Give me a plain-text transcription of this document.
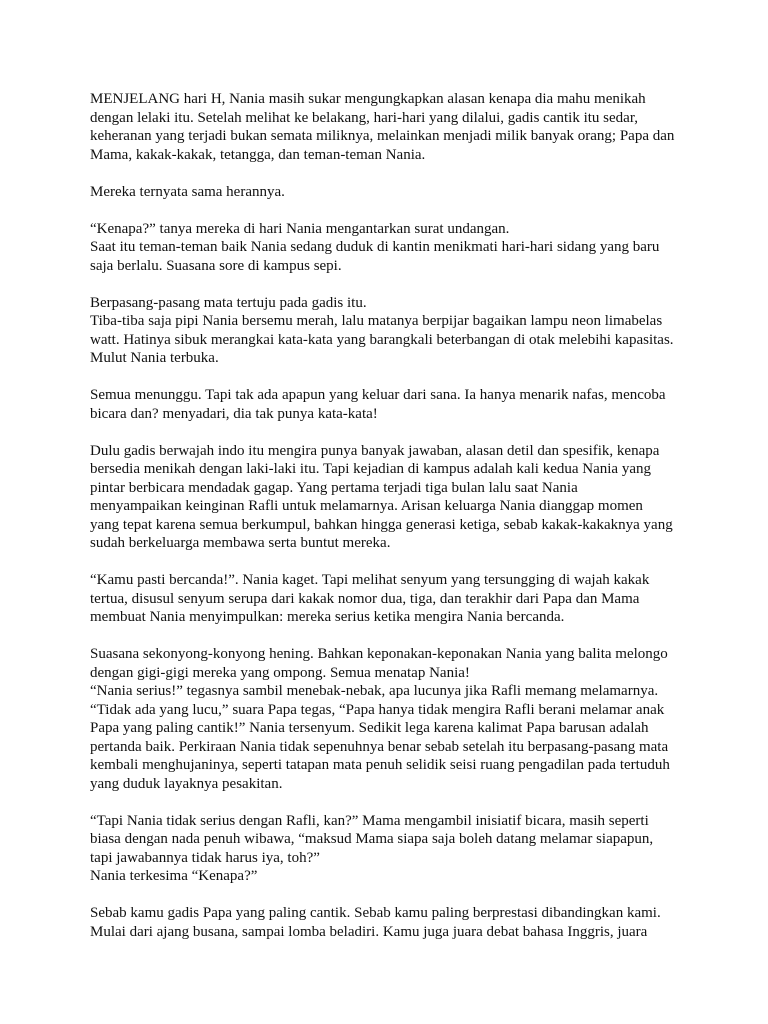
MENJELANG hari H, Nania masih sukar mengungkapkan alasan kenapa dia mahu menikah
dengan lelaki itu. Setelah melihat ke belakang, hari-hari yang dilalui, gadis cantik itu sedar,
keheranan yang terjadi bukan semata miliknya, melainkan menjadi milik banyak orang; Papa dan
Mama, kakak-kakak, tetangga, dan teman-teman Nania.
Mereka ternyata sama herannya.
“Kenapa?” tanya mereka di hari Nania mengantarkan surat undangan.
Saat itu teman-teman baik Nania sedang duduk di kantin menikmati hari-hari sidang yang baru
saja berlalu. Suasana sore di kampus sepi.
Berpasang-pasang mata tertuju pada gadis itu.
Tiba-tiba saja pipi Nania bersemu merah, lalu matanya berpijar bagaikan lampu neon limabelas
watt. Hatinya sibuk merangkai kata-kata yang barangkali beterbangan di otak melebihi kapasitas.
Mulut Nania terbuka.
Semua menunggu. Tapi tak ada apapun yang keluar dari sana. Ia hanya menarik nafas, mencoba
bicara dan? menyadari, dia tak punya kata-kata!
Dulu gadis berwajah indo itu mengira punya banyak jawaban, alasan detil dan spesifik, kenapa
bersedia menikah dengan laki-laki itu. Tapi kejadian di kampus adalah kali kedua Nania yang
pintar berbicara mendadak gagap. Yang pertama terjadi tiga bulan lalu saat Nania
menyampaikan keinginan Rafli untuk melamarnya. Arisan keluarga Nania dianggap momen
yang tepat karena semua berkumpul, bahkan hingga generasi ketiga, sebab kakak-kakaknya yang
sudah berkeluarga membawa serta buntut mereka.
“Kamu pasti bercanda!”. Nania kaget. Tapi melihat senyum yang tersungging di wajah kakak
tertua, disusul senyum serupa dari kakak nomor dua, tiga, dan terakhir dari Papa dan Mama
membuat Nania menyimpulkan: mereka serius ketika mengira Nania bercanda.
Suasana sekonyong-konyong hening. Bahkan keponakan-keponakan Nania yang balita melongo
dengan gigi-gigi mereka yang ompong. Semua menatap Nania!
“Nania serius!” tegasnya sambil menebak-nebak, apa lucunya jika Rafli memang melamarnya.
“Tidak ada yang lucu,” suara Papa tegas, “Papa hanya tidak mengira Rafli berani melamar anak
Papa yang paling cantik!” Nania tersenyum. Sedikit lega karena kalimat Papa barusan adalah
pertanda baik. Perkiraan Nania tidak sepenuhnya benar sebab setelah itu berpasang-pasang mata
kembali menghujaninya, seperti tatapan mata penuh selidik seisi ruang pengadilan pada tertuduh
yang duduk layaknya pesakitan.
“Tapi Nania tidak serius dengan Rafli, kan?” Mama mengambil inisiatif bicara, masih seperti
biasa dengan nada penuh wibawa, “maksud Mama siapa saja boleh datang melamar siapapun,
tapi jawabannya tidak harus iya, toh?”
Nania terkesima “Kenapa?”
Sebab kamu gadis Papa yang paling cantik. Sebab kamu paling berprestasi dibandingkan kami.
Mulai dari ajang busana, sampai lomba beladiri. Kamu juga juara debat bahasa Inggris, juara
